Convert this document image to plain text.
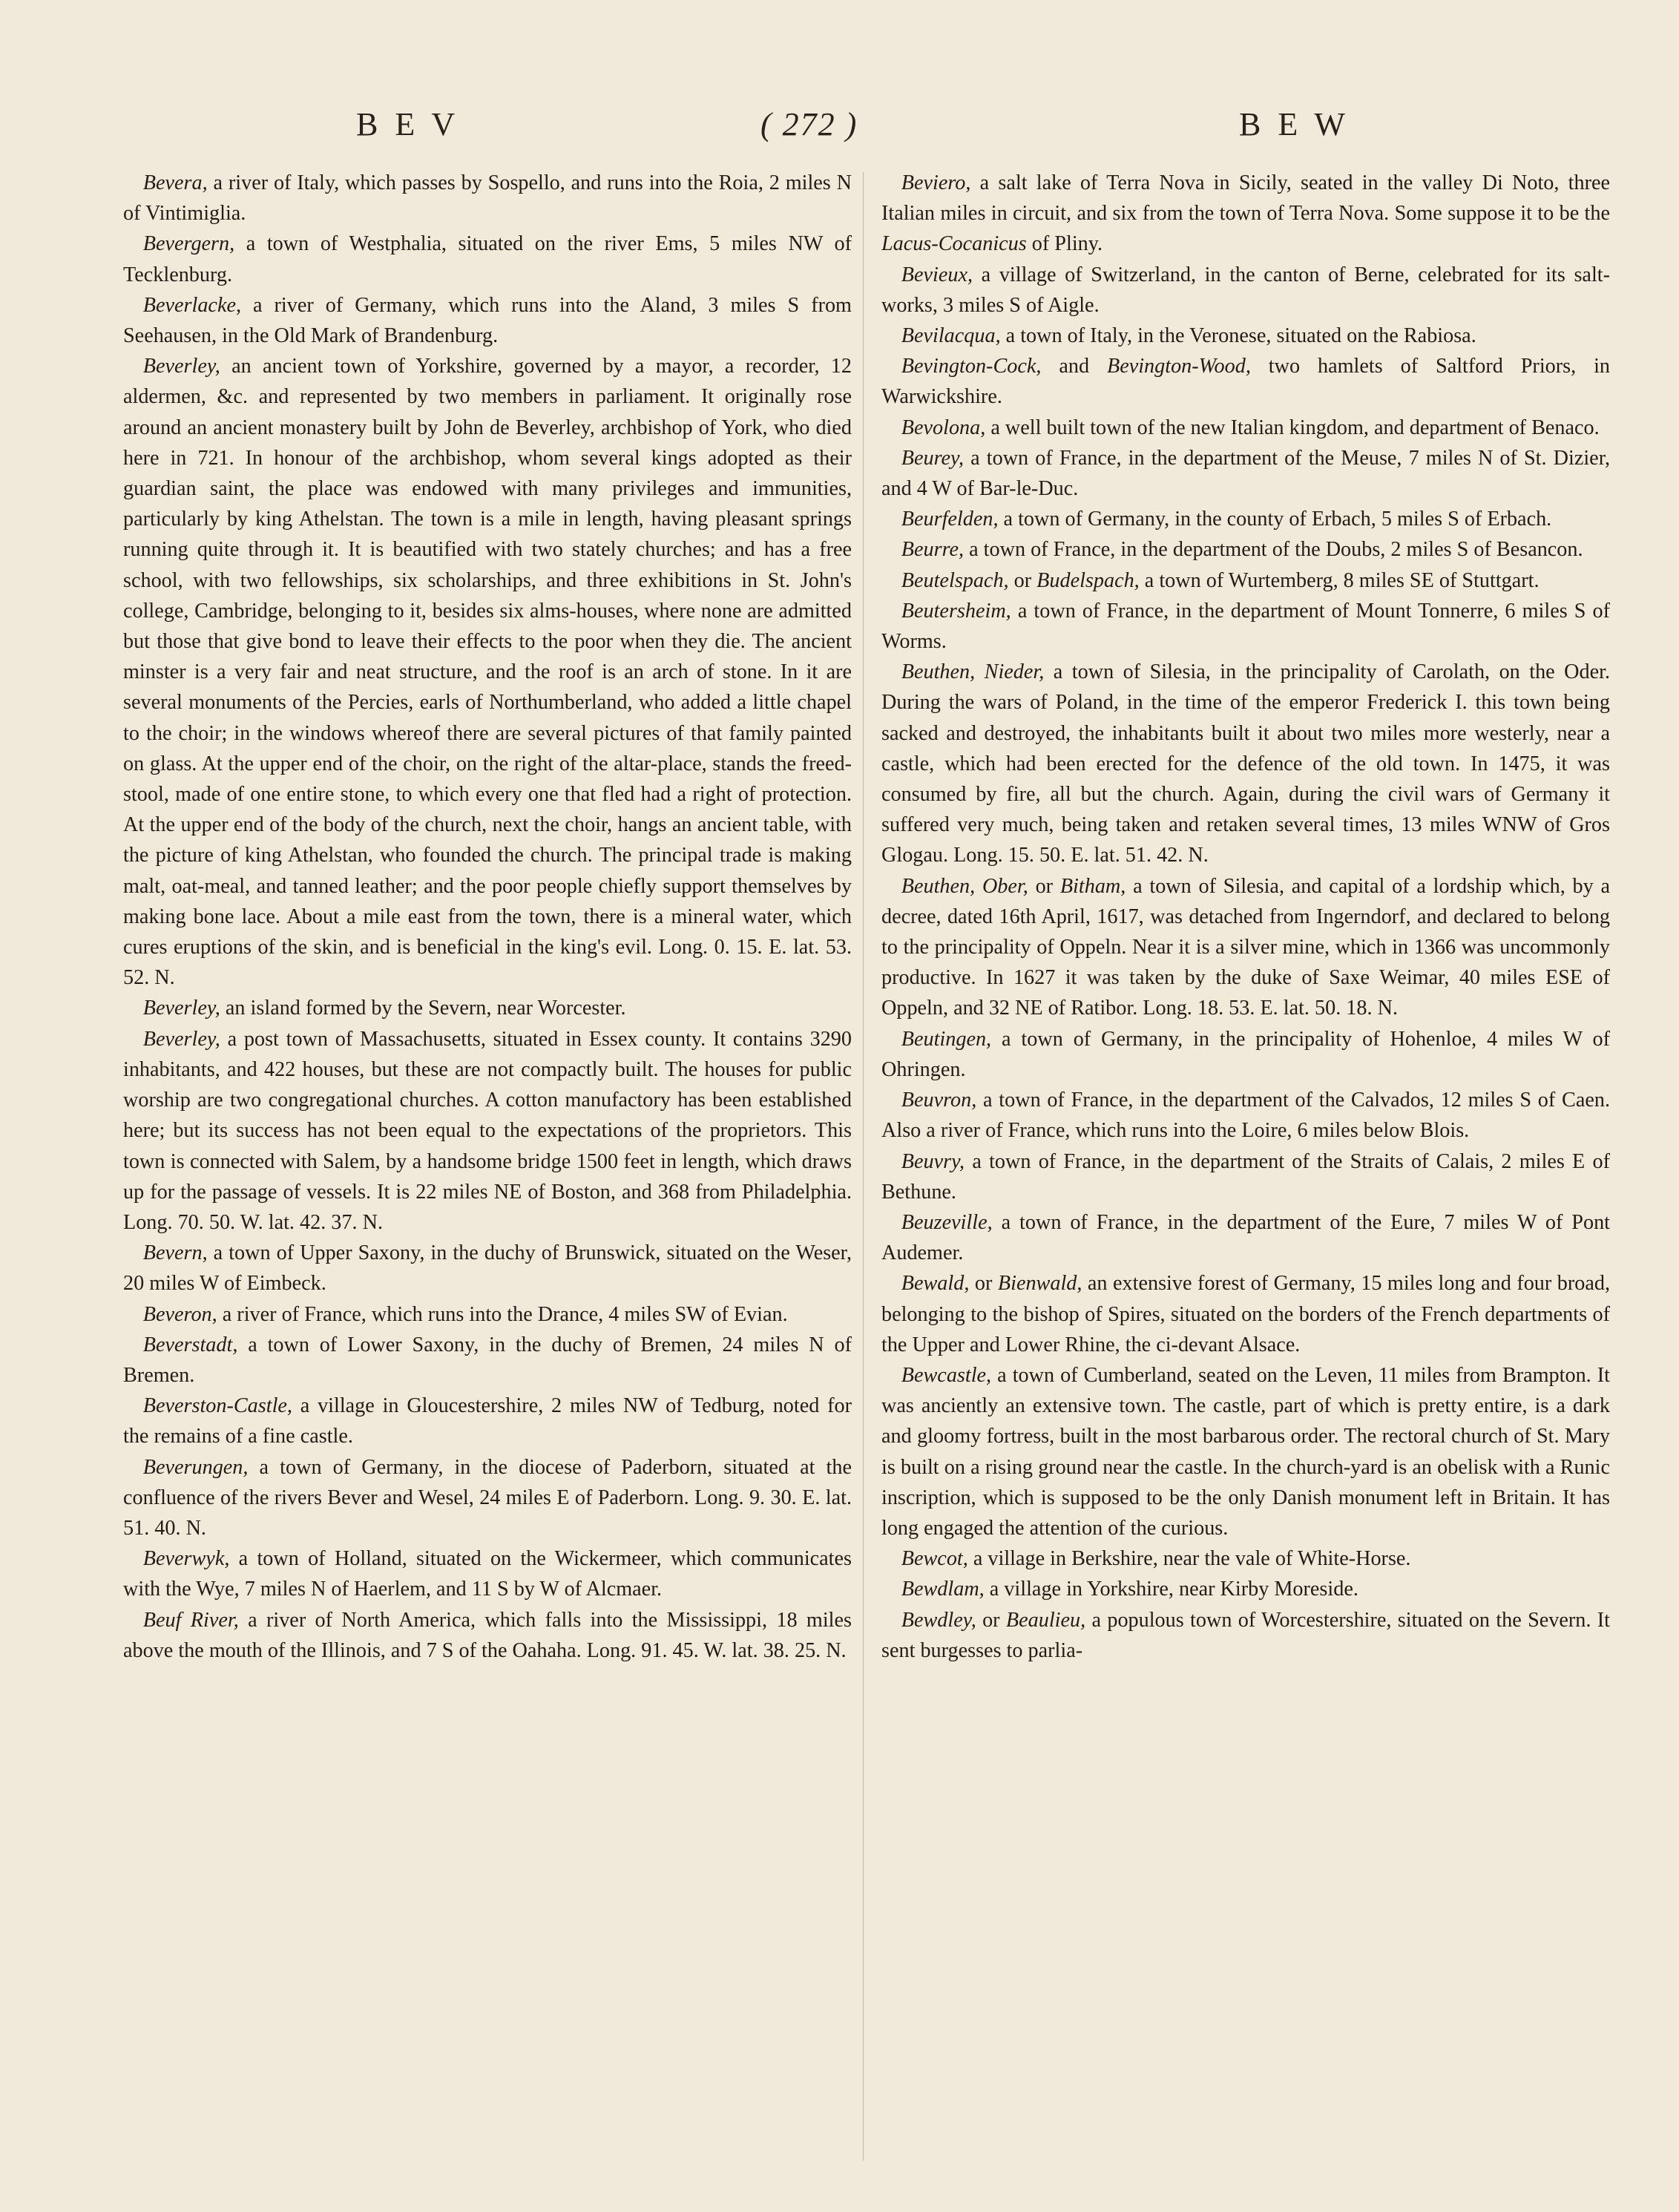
B E V	( 272 )	B E W

Bevera, a river of Italy, which passes by Sospello, and runs into the Roia, 2 miles N of Vintimiglia.

Bevergern, a town of Westphalia, situated on the river Ems, 5 miles NW of Tecklenburg.

Beverlacke, a river of Germany, which runs into the Aland, 3 miles S from Seehausen, in the Old Mark of Brandenburg.

Beverley, an ancient town of Yorkshire, governed by a mayor, a recorder, 12 aldermen, &c. and represented by two members in parliament. It originally rose around an ancient monastery built by John de Beverley, archbishop of York, who died here in 721. In honour of the archbishop, whom several kings adopted as their guardian saint, the place was endowed with many privileges and immunities, particularly by king Athelstan. The town is a mile in length, having pleasant springs running quite through it. It is beautified with two stately churches; and has a free school, with two fellowships, six scholarships, and three exhibitions in St. John's college, Cambridge, belonging to it, besides six alms-houses, where none are admitted but those that give bond to leave their effects to the poor when they die. The ancient minster is a very fair and neat structure, and the roof is an arch of stone. In it are several monuments of the Percies, earls of Northumberland, who added a little chapel to the choir; in the windows whereof there are several pictures of that family painted on glass. At the upper end of the choir, on the right of the altar-place, stands the freed-stool, made of one entire stone, to which every one that fled had a right of protection. At the upper end of the body of the church, next the choir, hangs an ancient table, with the picture of king Athelstan, who founded the church. The principal trade is making malt, oat-meal, and tanned leather; and the poor people chiefly support themselves by making bone lace. About a mile east from the town, there is a mineral water, which cures eruptions of the skin, and is beneficial in the king's evil. Long. 0. 15. E. lat. 53. 52. N.

Beverley, an island formed by the Severn, near Worcester.

Beverley, a post town of Massachusetts, situated in Essex county. It contains 3290 inhabitants, and 422 houses, but these are not compactly built. The houses for public worship are two congregational churches. A cotton manufactory has been established here; but its success has not been equal to the expectations of the proprietors. This town is connected with Salem, by a handsome bridge 1500 feet in length, which draws up for the passage of vessels. It is 22 miles NE of Boston, and 368 from Philadelphia. Long. 70. 50. W. lat. 42. 37. N.

Bevern, a town of Upper Saxony, in the duchy of Brunswick, situated on the Weser, 20 miles W of Eimbeck.

Beveron, a river of France, which runs into the Drance, 4 miles SW of Evian.

Beverstadt, a town of Lower Saxony, in the duchy of Bremen, 24 miles N of Bremen.

Beverston-Castle, a village in Gloucestershire, 2 miles NW of Tedburg, noted for the remains of a fine castle.

Beverungen, a town of Germany, in the diocese of Paderborn, situated at the confluence of the rivers Bever and Wesel, 24 miles E of Paderborn. Long. 9. 30. E. lat. 51. 40. N.

Beverwyk, a town of Holland, situated on the Wickermeer, which communicates with the Wye, 7 miles N of Haerlem, and 11 S by W of Alcmaer.

Beuf River, a river of North America, which falls into the Mississippi, 18 miles above the mouth of the Illinois, and 7 S of the Oahaha. Long. 91. 45. W. lat. 38. 25. N.

Beviero, a salt lake of Terra Nova in Sicily, seated in the valley Di Noto, three Italian miles in circuit, and six from the town of Terra Nova. Some suppose it to be the Lacus-Cocanicus of Pliny.

Bevieux, a village of Switzerland, in the canton of Berne, celebrated for its salt-works, 3 miles S of Aigle.

Bevilacqua, a town of Italy, in the Veronese, situated on the Rabiosa.

Bevington-Cock, and Bevington-Wood, two hamlets of Saltford Priors, in Warwickshire.

Bevolona, a well built town of the new Italian kingdom, and department of Benaco.

Beurey, a town of France, in the department of the Meuse, 7 miles N of St. Dizier, and 4 W of Bar-le-Duc.

Beurfelden, a town of Germany, in the county of Erbach, 5 miles S of Erbach.

Beurre, a town of France, in the department of the Doubs, 2 miles S of Besancon.

Beutelspach, or Budelspach, a town of Wurtemberg, 8 miles SE of Stuttgart.

Beutersheim, a town of France, in the department of Mount Tonnerre, 6 miles S of Worms.

Beuthen, Nieder, a town of Silesia, in the principality of Carolath, on the Oder. During the wars of Poland, in the time of the emperor Frederick I. this town being sacked and destroyed, the inhabitants built it about two miles more westerly, near a castle, which had been erected for the defence of the old town. In 1475, it was consumed by fire, all but the church. Again, during the civil wars of Germany it suffered very much, being taken and retaken several times, 13 miles WNW of Gros Glogau. Long. 15. 50. E. lat. 51. 42. N.

Beuthen, Ober, or Bitham, a town of Silesia, and capital of a lordship which, by a decree, dated 16th April, 1617, was detached from Ingerndorf, and declared to belong to the principality of Oppeln. Near it is a silver mine, which in 1366 was uncommonly productive. In 1627 it was taken by the duke of Saxe Weimar, 40 miles ESE of Oppeln, and 32 NE of Ratibor. Long. 18. 53. E. lat. 50. 18. N.

Beutingen, a town of Germany, in the principality of Hohenloe, 4 miles W of Ohringen.

Beuvron, a town of France, in the department of the Calvados, 12 miles S of Caen. Also a river of France, which runs into the Loire, 6 miles below Blois.

Beuvry, a town of France, in the department of the Straits of Calais, 2 miles E of Bethune.

Beuzeville, a town of France, in the department of the Eure, 7 miles W of Pont Audemer.

Bewald, or Bienwald, an extensive forest of Germany, 15 miles long and four broad, belonging to the bishop of Spires, situated on the borders of the French departments of the Upper and Lower Rhine, the ci-devant Alsace.

Bewcastle, a town of Cumberland, seated on the Leven, 11 miles from Brampton. It was anciently an extensive town. The castle, part of which is pretty entire, is a dark and gloomy fortress, built in the most barbarous order. The rectoral church of St. Mary is built on a rising ground near the castle. In the church-yard is an obelisk with a Runic inscription, which is supposed to be the only Danish monument left in Britain. It has long engaged the attention of the curious.

Bewcot, a village in Berkshire, near the vale of White-Horse.

Bewdlam, a village in Yorkshire, near Kirby Moreside.

Bewdley, or Beaulieu, a populous town of Worcestershire, situated on the Severn. It sent burgesses to parlia-
